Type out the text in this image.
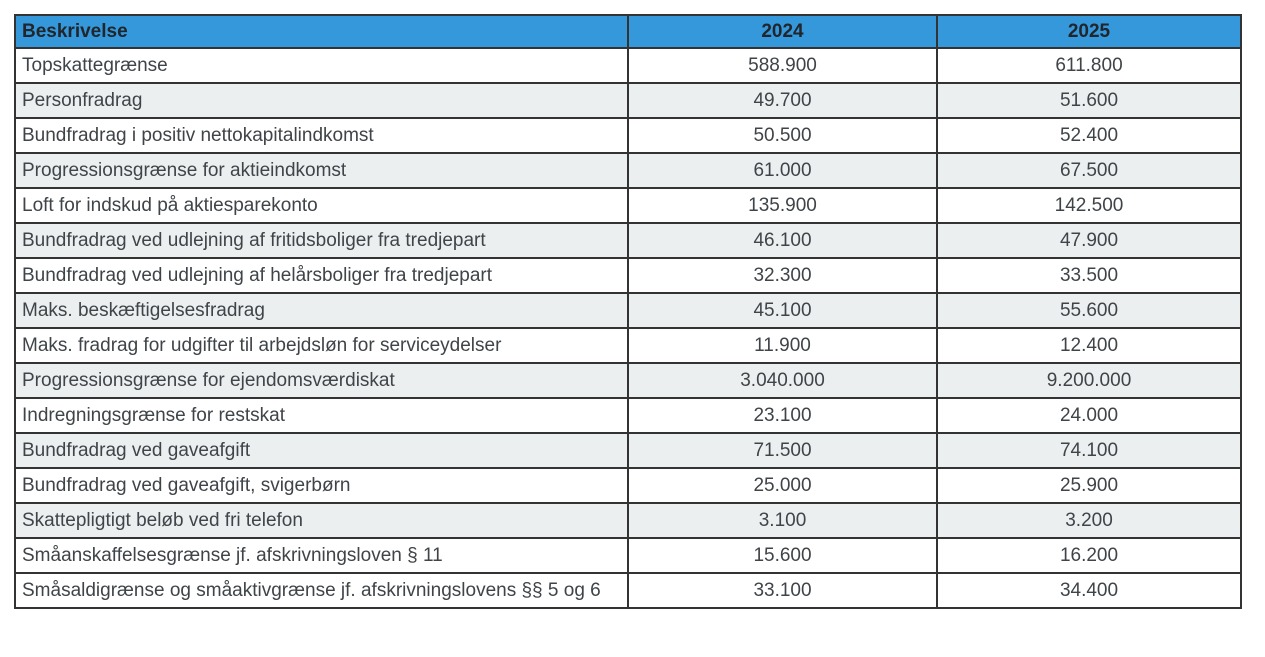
Beskrivelse	2024	2025
Topskattegrænse	588.900	611.800
Personfradrag	49.700	51.600
Bundfradrag i positiv nettokapitalindkomst	50.500	52.400
Progressionsgrænse for aktieindkomst	61.000	67.500
Loft for indskud på aktiesparekonto	135.900	142.500
Bundfradrag ved udlejning af fritidsboliger fra tredjepart	46.100	47.900
Bundfradrag ved udlejning af helårsboliger fra tredjepart	32.300	33.500
Maks. beskæftigelsesfradrag	45.100	55.600
Maks. fradrag for udgifter til arbejdsløn for serviceydelser	11.900	12.400
Progressionsgrænse for ejendomsværdiskat	3.040.000	9.200.000
Indregningsgrænse for restskat	23.100	24.000
Bundfradrag ved gaveafgift	71.500	74.100
Bundfradrag ved gaveafgift, svigerbørn	25.000	25.900
Skattepligtigt beløb ved fri telefon	3.100	3.200
Småanskaffelsesgrænse jf. afskrivningsloven § 11	15.600	16.200
Småsaldigrænse og småaktivgrænse jf. afskrivningslovens §§ 5 og 6	33.100	34.400
